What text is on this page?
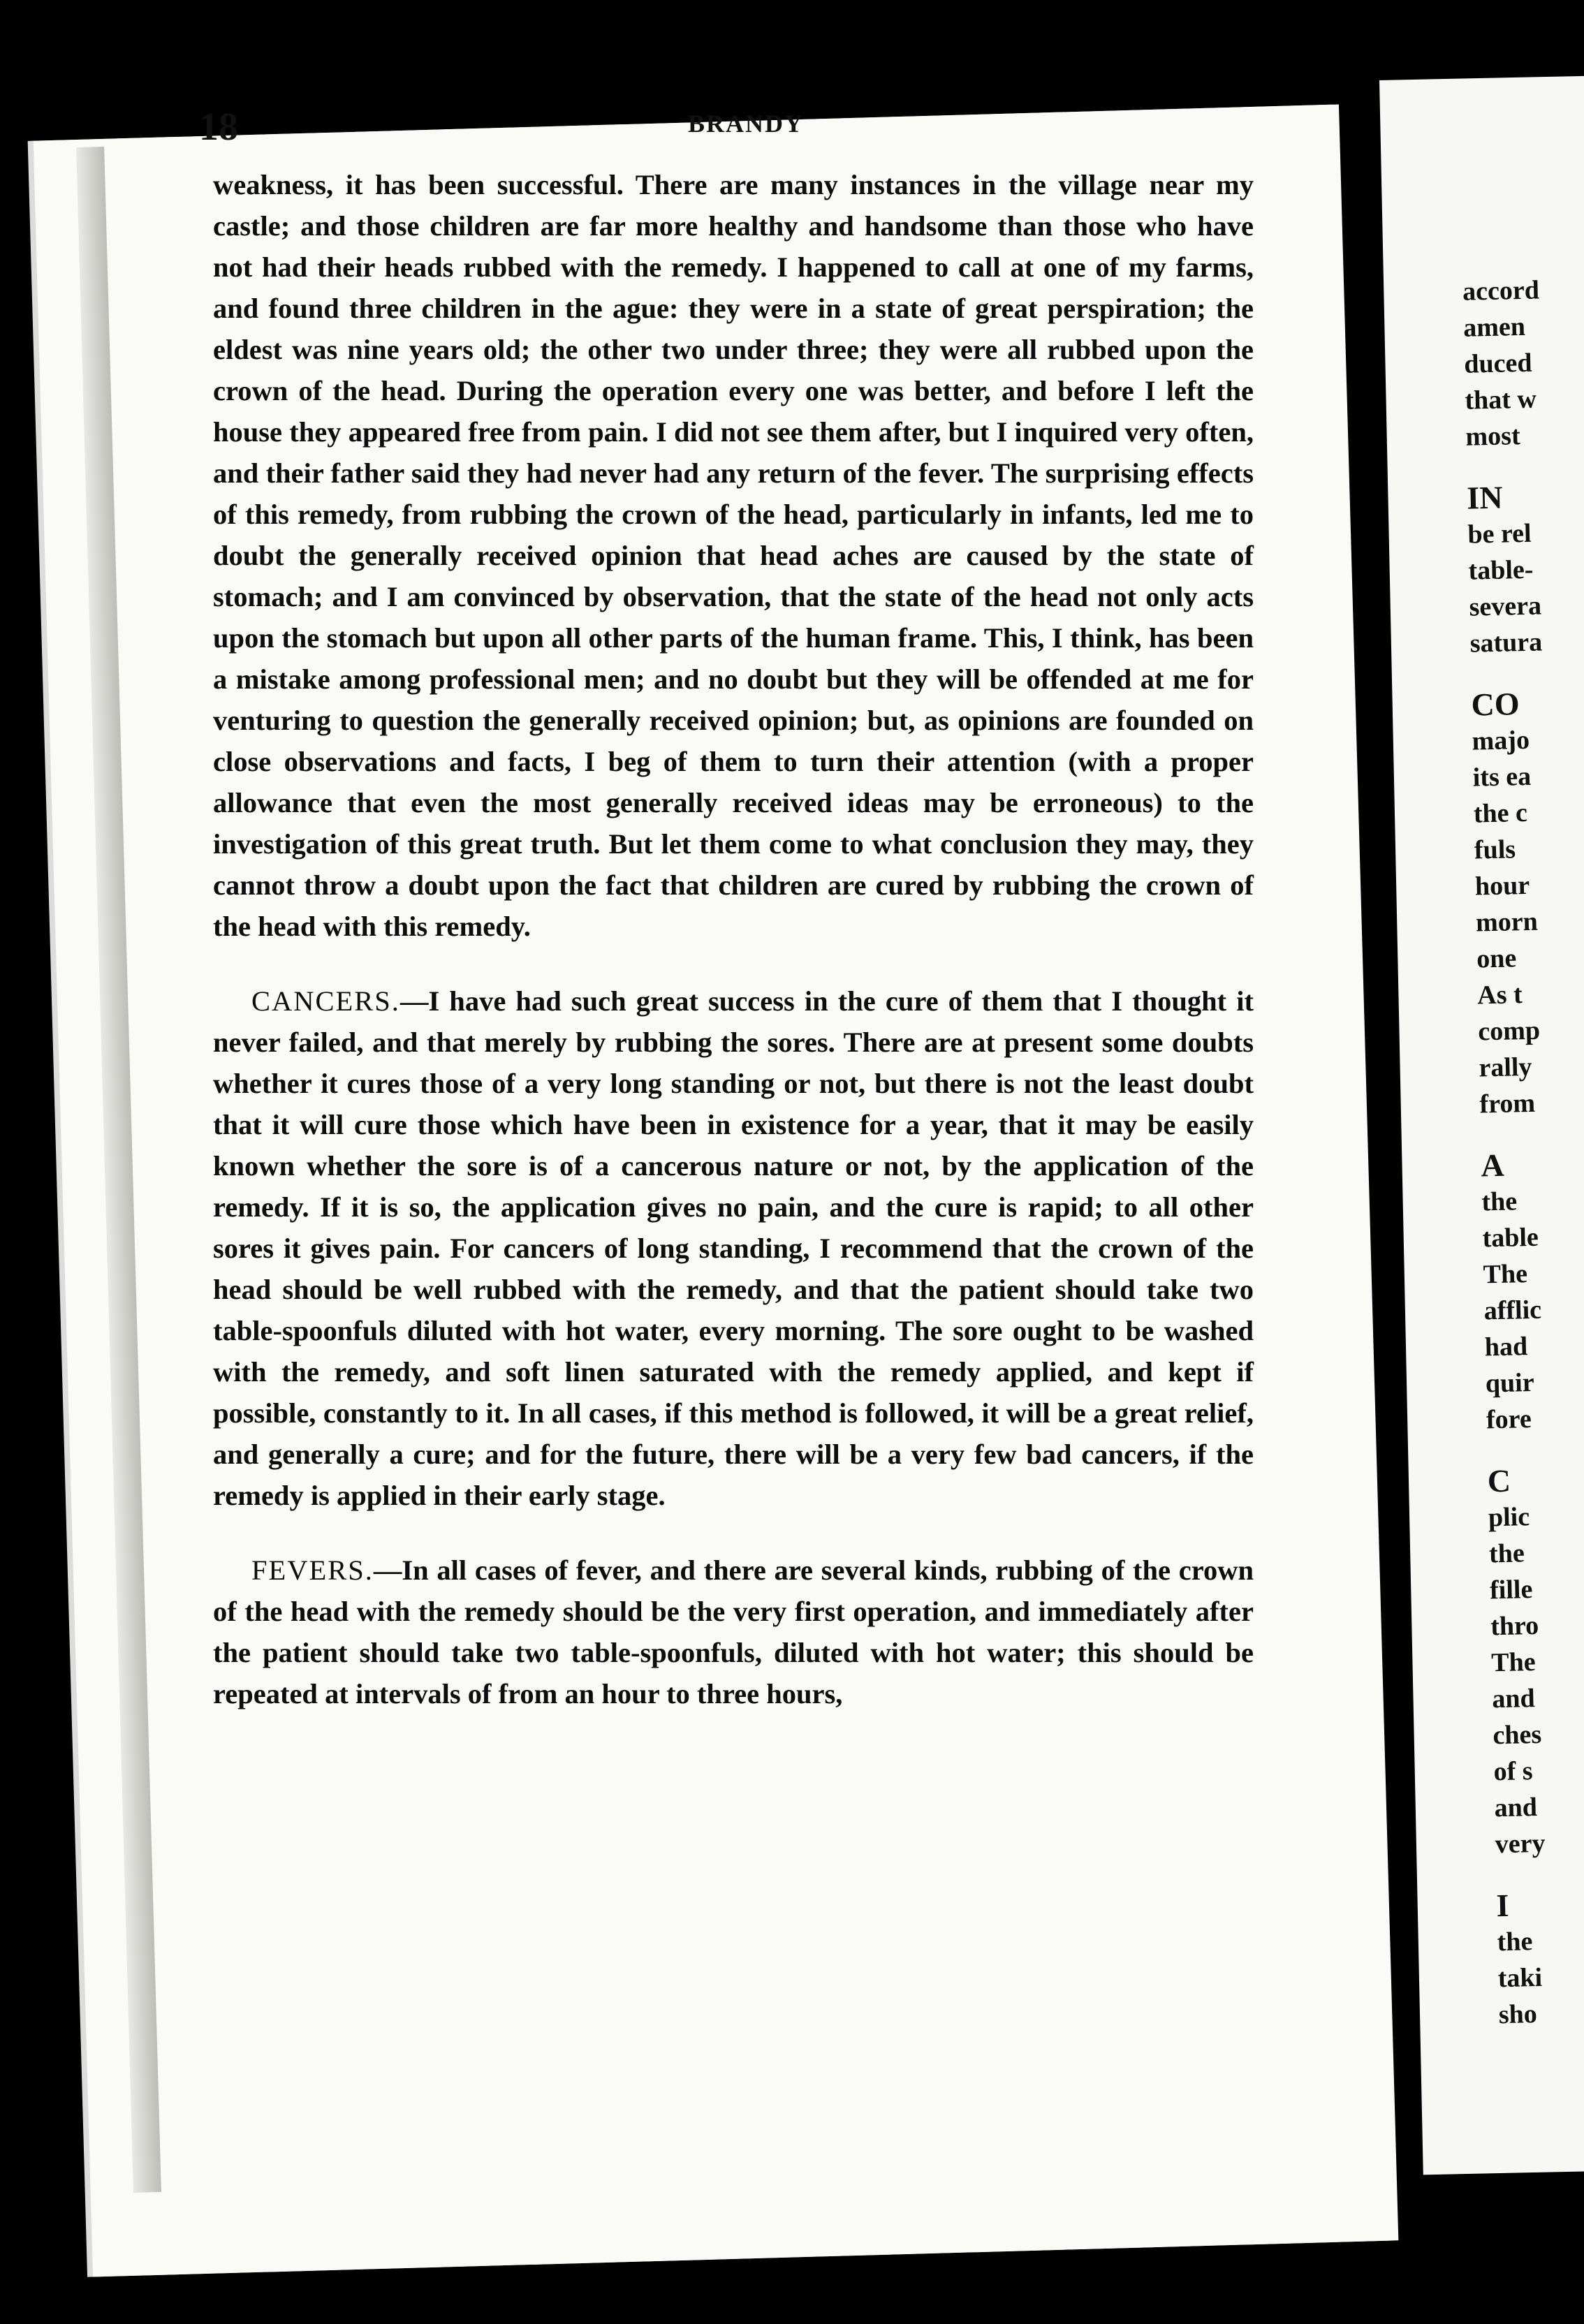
18	BRANDY

weakness, it has been successful. There are many instances in the village near my castle; and those children are far more healthy and handsome than those who have not had their heads rubbed with the remedy. I happened to call at one of my farms, and found three children in the ague: they were in a state of great perspiration; the eldest was nine years old; the other two under three; they were all rubbed upon the crown of the head. During the operation every one was better, and before I left the house they appeared free from pain. I did not see them after, but I inquired very often, and their father said they had never had any return of the fever. The surprising effects of this remedy, from rubbing the crown of the head, particularly in infants, led me to doubt the generally received opinion that head aches are caused by the state of stomach; and I am convinced by observation, that the state of the head not only acts upon the stomach but upon all other parts of the human frame. This, I think, has been a mistake among professional men; and no doubt but they will be offended at me for venturing to question the generally received opinion; but, as opinions are founded on close observations and facts, I beg of them to turn their attention (with a proper allowance that even the most generally received ideas may be erroneous) to the investigation of this great truth. But let them come to what conclusion they may, they cannot throw a doubt upon the fact that children are cured by rubbing the crown of the head with this remedy.

CANCERS.—I have had such great success in the cure of them that I thought it never failed, and that merely by rubbing the sores. There are at present some doubts whether it cures those of a very long standing or not, but there is not the least doubt that it will cure those which have been in existence for a year, that it may be easily known whether the sore is of a cancerous nature or not, by the application of the remedy. If it is so, the application gives no pain, and the cure is rapid; to all other sores it gives pain. For cancers of long standing, I recommend that the crown of the head should be well rubbed with the remedy, and that the patient should take two table-spoonfuls diluted with hot water, every morning. The sore ought to be washed with the remedy, and soft linen saturated with the remedy applied, and kept if possible, constantly to it. In all cases, if this method is followed, it will be a great relief, and generally a cure; and for the future, there will be a very few bad cancers, if the remedy is applied in their early stage.

FEVERS.—In all cases of fever, and there are several kinds, rubbing of the crown of the head with the remedy should be the very first operation, and immediately after the patient should take two table-spoonfuls, diluted with hot water; this should be repeated at intervals of from an hour to three hours,

accord
amen
duced
that w
most
IN
be rel
table-
severa
satura
CO
majo
its ea
the c
fuls
hour
morn
one
As t
comp
rally
from
A
the
table
The
afflic
had
quir
fore
C
plic
the
fille
thro
The
and
ches
of s
and
very
I
the
taki
sho
